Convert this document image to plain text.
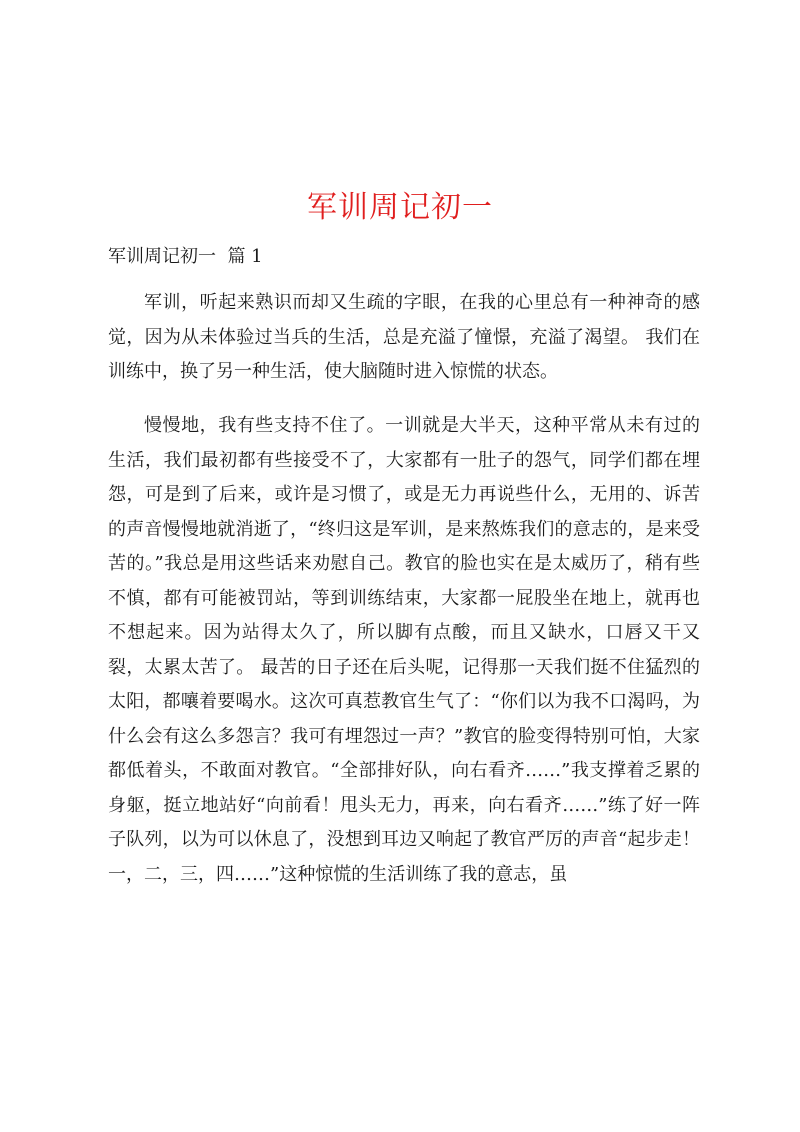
军训周记初一
军训周记初一  篇 1

军训，听起来熟识而却又生疏的字眼，在我的心里总有一种神奇的感觉，因为从未体验过当兵的生活，总是充溢了憧憬，充溢了渴望。 我们在训练中，换了另一种生活，使大脑随时进入惊慌的状态。

慢慢地，我有些支持不住了。一训就是大半天，这种平常从未有过的生活，我们最初都有些接受不了，大家都有一肚子的怨气，同学们都在埋怨，可是到了后来，或许是习惯了，或是无力再说些什么，无用的、诉苦的声音慢慢地就消逝了，“终归这是军训，是来熬炼我们的意志的，是来受苦的。”我总是用这些话来劝慰自己。教官的脸也实在是太威历了，稍有些不慎，都有可能被罚站，等到训练结束，大家都一屁股坐在地上，就再也不想起来。因为站得太久了，所以脚有点酸，而且又缺水，口唇又干又裂，太累太苦了。 最苦的日子还在后头呢，记得那一天我们挺不住猛烈的太阳，都嚷着要喝水。这次可真惹教官生气了：“你们以为我不口渴吗，为什么会有这么多怨言？我可有埋怨过一声？”教官的脸变得特别可怕，大家都低着头，不敢面对教官。“全部排好队，向右看齐……”我支撑着乏累的身躯，挺立地站好“向前看！甩头无力，再来，向右看齐……”练了好一阵子队列，以为可以休息了，没想到耳边又响起了教官严厉的声音“起步走！一，二，三，四……”这种惊慌的生活训练了我的意志，虽
